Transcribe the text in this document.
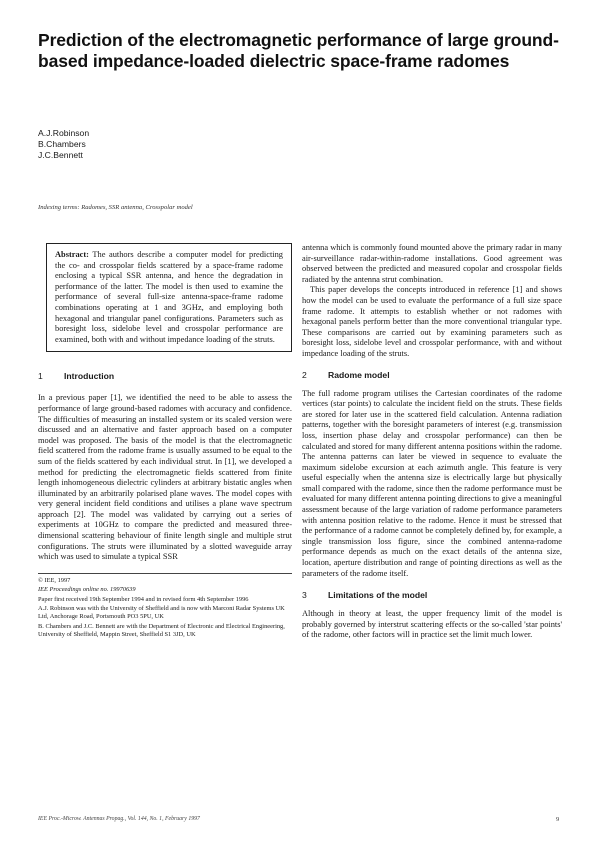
Prediction of the electromagnetic performance of large ground-based impedance-loaded dielectric space-frame radomes
A.J.Robinson
B.Chambers
J.C.Bennett
Indexing terms: Radomes, SSR antenna, Crosspolar model

Abstract: The authors describe a computer model for predicting the co- and crosspolar fields scattered by a space-frame radome enclosing a typical SSR antenna, and hence the degradation in performance of the latter. The model is then used to examine the performance of several full-size antenna-space-frame radome combinations operating at 1 and 3GHz, and employing both hexagonal and triangular panel configurations. Parameters such as boresight loss, sidelobe level and crosspolar performance are examined, both with and without impedance loading of the struts.

1	Introduction

In a previous paper [1], we identified the need to be able to assess the performance of large ground-based radomes with accuracy and confidence. The difficulties of measuring an installed system or its scaled version were discussed and an alternative and faster approach based on a computer model was proposed. The basis of the model is that the electromagnetic field scattered from the radome frame is usually assumed to be equal to the sum of the fields scattered by each individual strut. In [1], we developed a method for predicting the electromagnetic fields scattered from finite length inhomogeneous dielectric cylinders at arbitrary bistatic angles when illuminated by an arbitrarily polarised plane waves. The model copes with very general incident field conditions and utilises a plane wave spectrum approach [2]. The model was validated by carrying out a series of experiments at 10GHz to compare the predicted and measured three-dimensional scattering behaviour of finite length single and multiple strut configurations. The struts were illuminated by a slotted waveguide array which was used to simulate a typical SSR

© IEE, 1997
IEE Proceedings online no. 19970639
Paper first received 19th September 1994 and in revised form 4th September 1996
A.J. Robinson was with the University of Sheffield and is now with Marconi Radar Systems UK Ltd, Anchorage Road, Portsmouth PO3 5PU, UK
B. Chambers and J.C. Bennett are with the Department of Electronic and Electrical Engineering, University of Sheffield, Mappin Street, Sheffield S1 3JD, UK

antenna which is commonly found mounted above the primary radar in many air-surveillance radar-within-radome installations. Good agreement was observed between the predicted and measured copolar and crosspolar fields radiated by the antenna strut combination.

This paper develops the concepts introduced in reference [1] and shows how the model can be used to evaluate the performance of a full size space frame radome. It attempts to establish whether or not radomes with hexagonal panels perform better than the more conventional triangular type. These comparisons are carried out by examining parameters such as boresight loss, sidelobe level and crosspolar performance, with and without impedance loading of the struts.

2	Radome model

The full radome program utilises the Cartesian coordinates of the radome vertices (star points) to calculate the incident field on the struts. These fields are stored for later use in the scattered field calculation. Antenna radiation patterns, together with the boresight parameters of interest (e.g. transmission loss, insertion phase delay and crosspolar performance) can then be calculated and stored for many different antenna positions within the radome. The antenna patterns can later be viewed in sequence to evaluate the maximum sidelobe excursion at each azimuth angle. This feature is very useful especially when the antenna size is electrically large but physically small compared with the radome, since then the radome performance must be evaluated for many different antenna pointing directions to give a meaningful assessment because of the large variation of radome performance parameters with antenna position relative to the radome. Hence it must be stressed that the performance of a radome cannot be completely defined by, for example, a single transmission loss figure, since the combined antenna-radome performance depends as much on the exact details of the antenna size, location, aperture distribution and range of pointing directions as well as the parameters of the radome itself.

3	Limitations of the model

Although in theory at least, the upper frequency limit of the model is probably governed by interstrut scattering effects or the so-called 'star points' of the radome, other factors will in practice set the limit much lower.

IEE Proc.-Microw. Antennas Propag., Vol. 144, No. 1, February 1997	9
